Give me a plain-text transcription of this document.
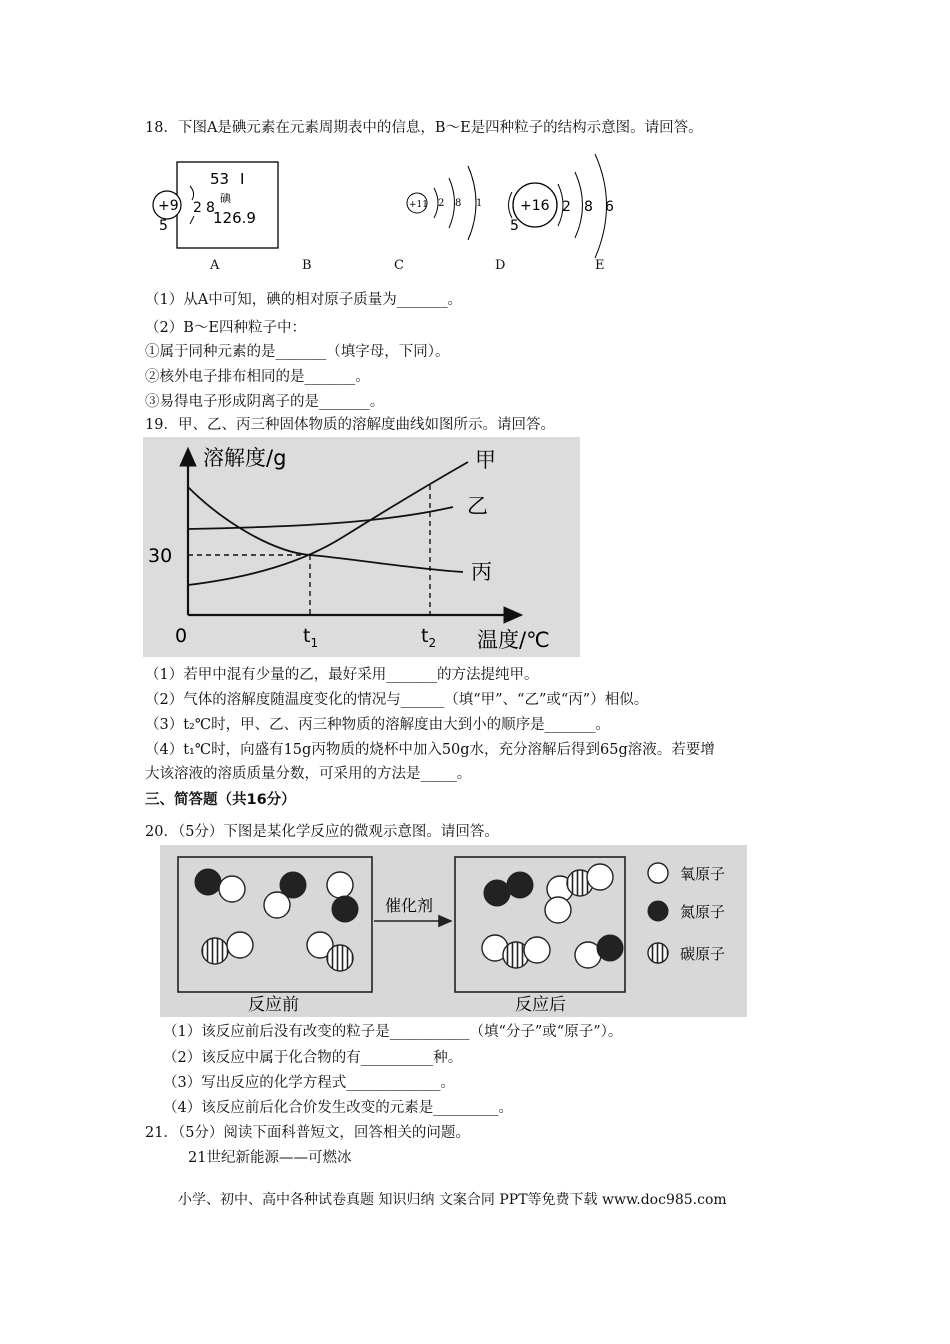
18．下图A是碘元素在元素周期表中的信息，B～E是四种粒子的结构示意图。请回答。
53 I
碘
126.9
+9 2 8
5
+11 2 8 1	+16
5
2 8 6
A	B	C	D	E
（1）从A中可知，碘的相对原子质量为_______。
（2）B～E四种粒子中：
①属于同种元素的是_______（填字母，下同）。
②核外电子排布相同的是_______。
③易得电子形成阴离子的是_______。
19．甲、乙、丙三种固体物质的溶解度曲线如图所示。请回答。
溶解度/g
温度/℃
0
30
$t_1$	$t_2$
甲
乙
丙
（1）若甲中混有少量的乙，最好采用_______的方法提纯甲。
（2）气体的溶解度随温度变化的情况与______（填“甲”、“乙”或“丙”）相似。
（3）t₂℃时，甲、乙、丙三种物质的溶解度由大到小的顺序是_______。
（4）t₁℃时，向盛有15g丙物质的烧杯中加入50g水，充分溶解后得到65g溶液。若要增
大该溶液的溶质质量分数，可采用的方法是_____。
三、简答题（共16分）
20．（5分）下图是某化学反应的微观示意图。请回答。
催化剂
氧原子
氮原子
碳原子
反应前	反应后
（1）该反应前后没有改变的粒子是___________（填“分子”或“原子”）。
（2）该反应中属于化合物的有__________种。
（3）写出反应的化学方程式_____________。
（4）该反应前后化合价发生改变的元素是_________。
21．（5分）阅读下面科普短文，回答相关的问题。
21世纪新能源——可燃冰
小学、初中、高中各种试卷真题 知识归纳 文案合同 PPT等免费下载 www.doc985.com
